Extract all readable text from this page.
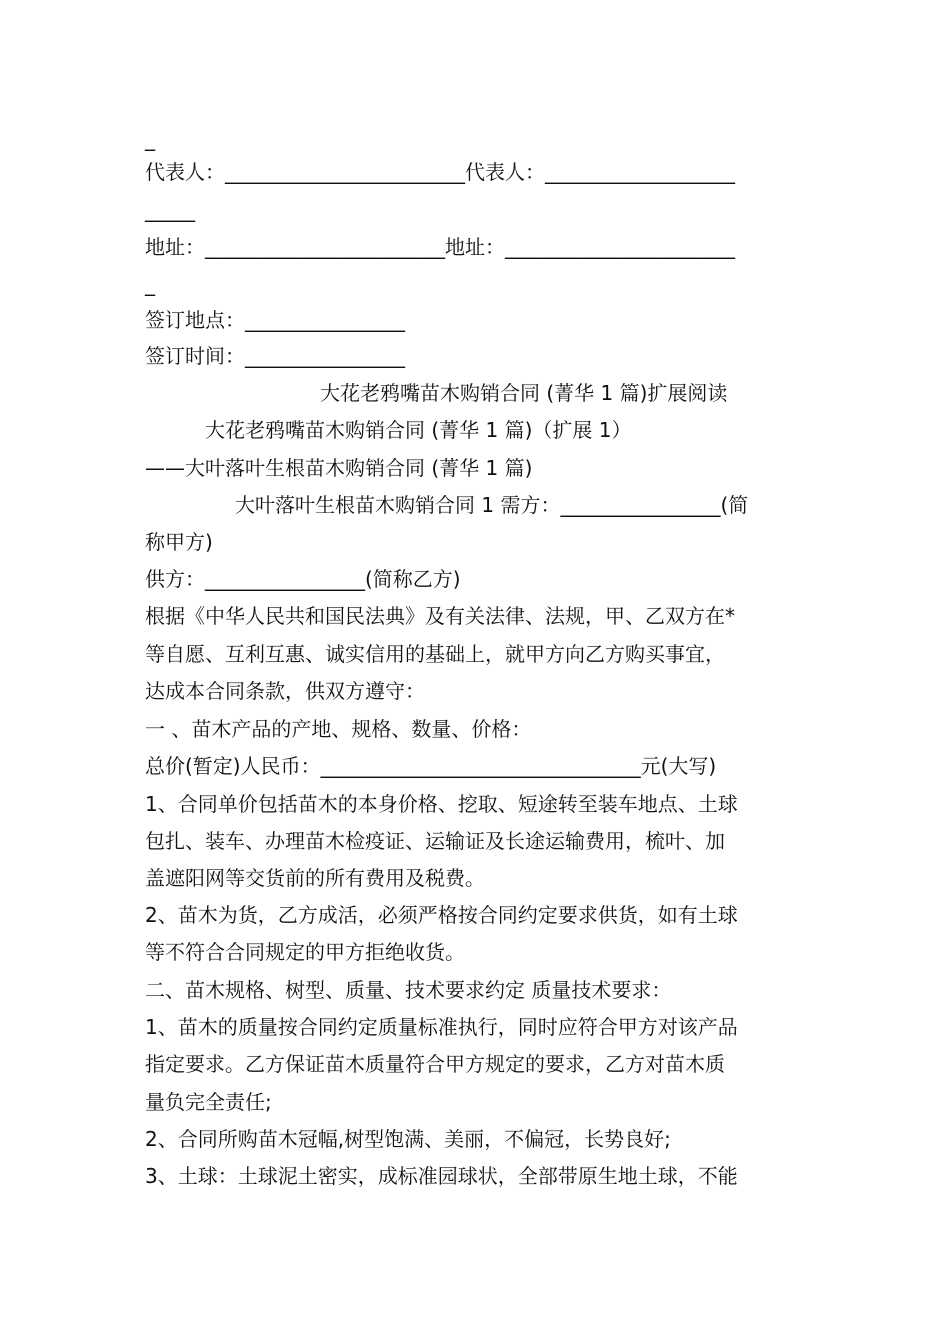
_
代表人：________________________代表人：___________________
_____
地址：________________________地址：_______________________
_
签订地点：________________
签订时间：________________
大花老鸦嘴苗木购销合同 (菁华 1 篇)扩展阅读
大花老鸦嘴苗木购销合同 (菁华 1 篇)（扩展 1）
——大叶落叶生根苗木购销合同 (菁华 1 篇)
大叶落叶生根苗木购销合同 1 需方：________________(简
称甲方)
供方：________________(简称乙方)
根据《中华人民共和国民法典》及有关法律、法规，甲、乙双方在*
等自愿、互利互惠、诚实信用的基础上，就甲方向乙方购买事宜，
达成本合同条款，供双方遵守：
一 、苗木产品的产地、规格、数量、价格：
总价(暂定)人民币：________________________________元(大写)
1、合同单价包括苗木的本身价格、挖取、短途转至装车地点、土球
包扎、装车、办理苗木检疫证、运输证及长途运输费用，梳叶、加
盖遮阳网等交货前的所有费用及税费。
2、苗木为货，乙方成活，必须严格按合同约定要求供货，如有土球
等不符合合同规定的甲方拒绝收货。
二、苗木规格、树型、质量、技术要求约定 质量技术要求：
1、苗木的质量按合同约定质量标准执行，同时应符合甲方对该产品
指定要求。乙方保证苗木质量符合甲方规定的要求，乙方对苗木质
量负完全责任;
2、合同所购苗木冠幅,树型饱满、美丽，不偏冠，长势良好;
3、土球：土球泥土密实，成标准园球状，全部带原生地土球，不能
